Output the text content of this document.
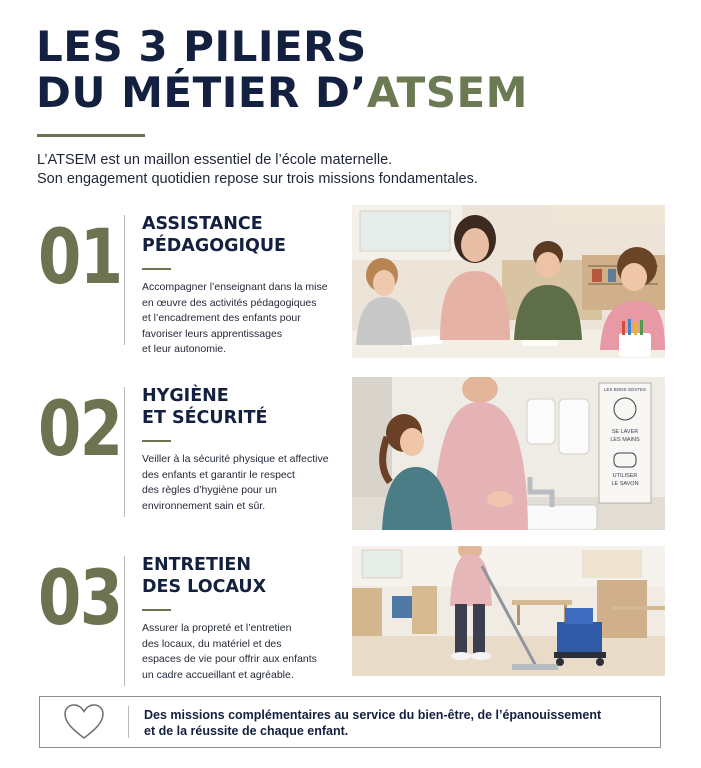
LES 3 PILIERS
DU MÉTIER D’ATSEM
L’ATSEM est un maillon essentiel de l’école maternelle.
Son engagement quotidien repose sur trois missions fondamentales.
01 ASSISTANCE
PÉDAGOGIQUE
Accompagner l’enseignant dans la mise
en œuvre des activités pédagogiques
et l’encadrement des enfants pour
favoriser leurs apprentissages
et leur autonomie.
02 HYGIÈNE
ET SÉCURITÉ
Veiller à la sécurité physique et affective
des enfants et garantir le respect
des règles d’hygiène pour un
environnement sain et sûr.
LES BONS GESTES
SE LAVER
LES MAINS
UTILISER
LE SAVON
03 ENTRETIEN
DES LOCAUX
Assurer la propreté et l’entretien
des locaux, du matériel et des
espaces de vie pour offrir aux enfants
un cadre accueillant et agréable.
Des missions complémentaires au service du bien-être, de l’épanouissement
et de la réussite de chaque enfant.
